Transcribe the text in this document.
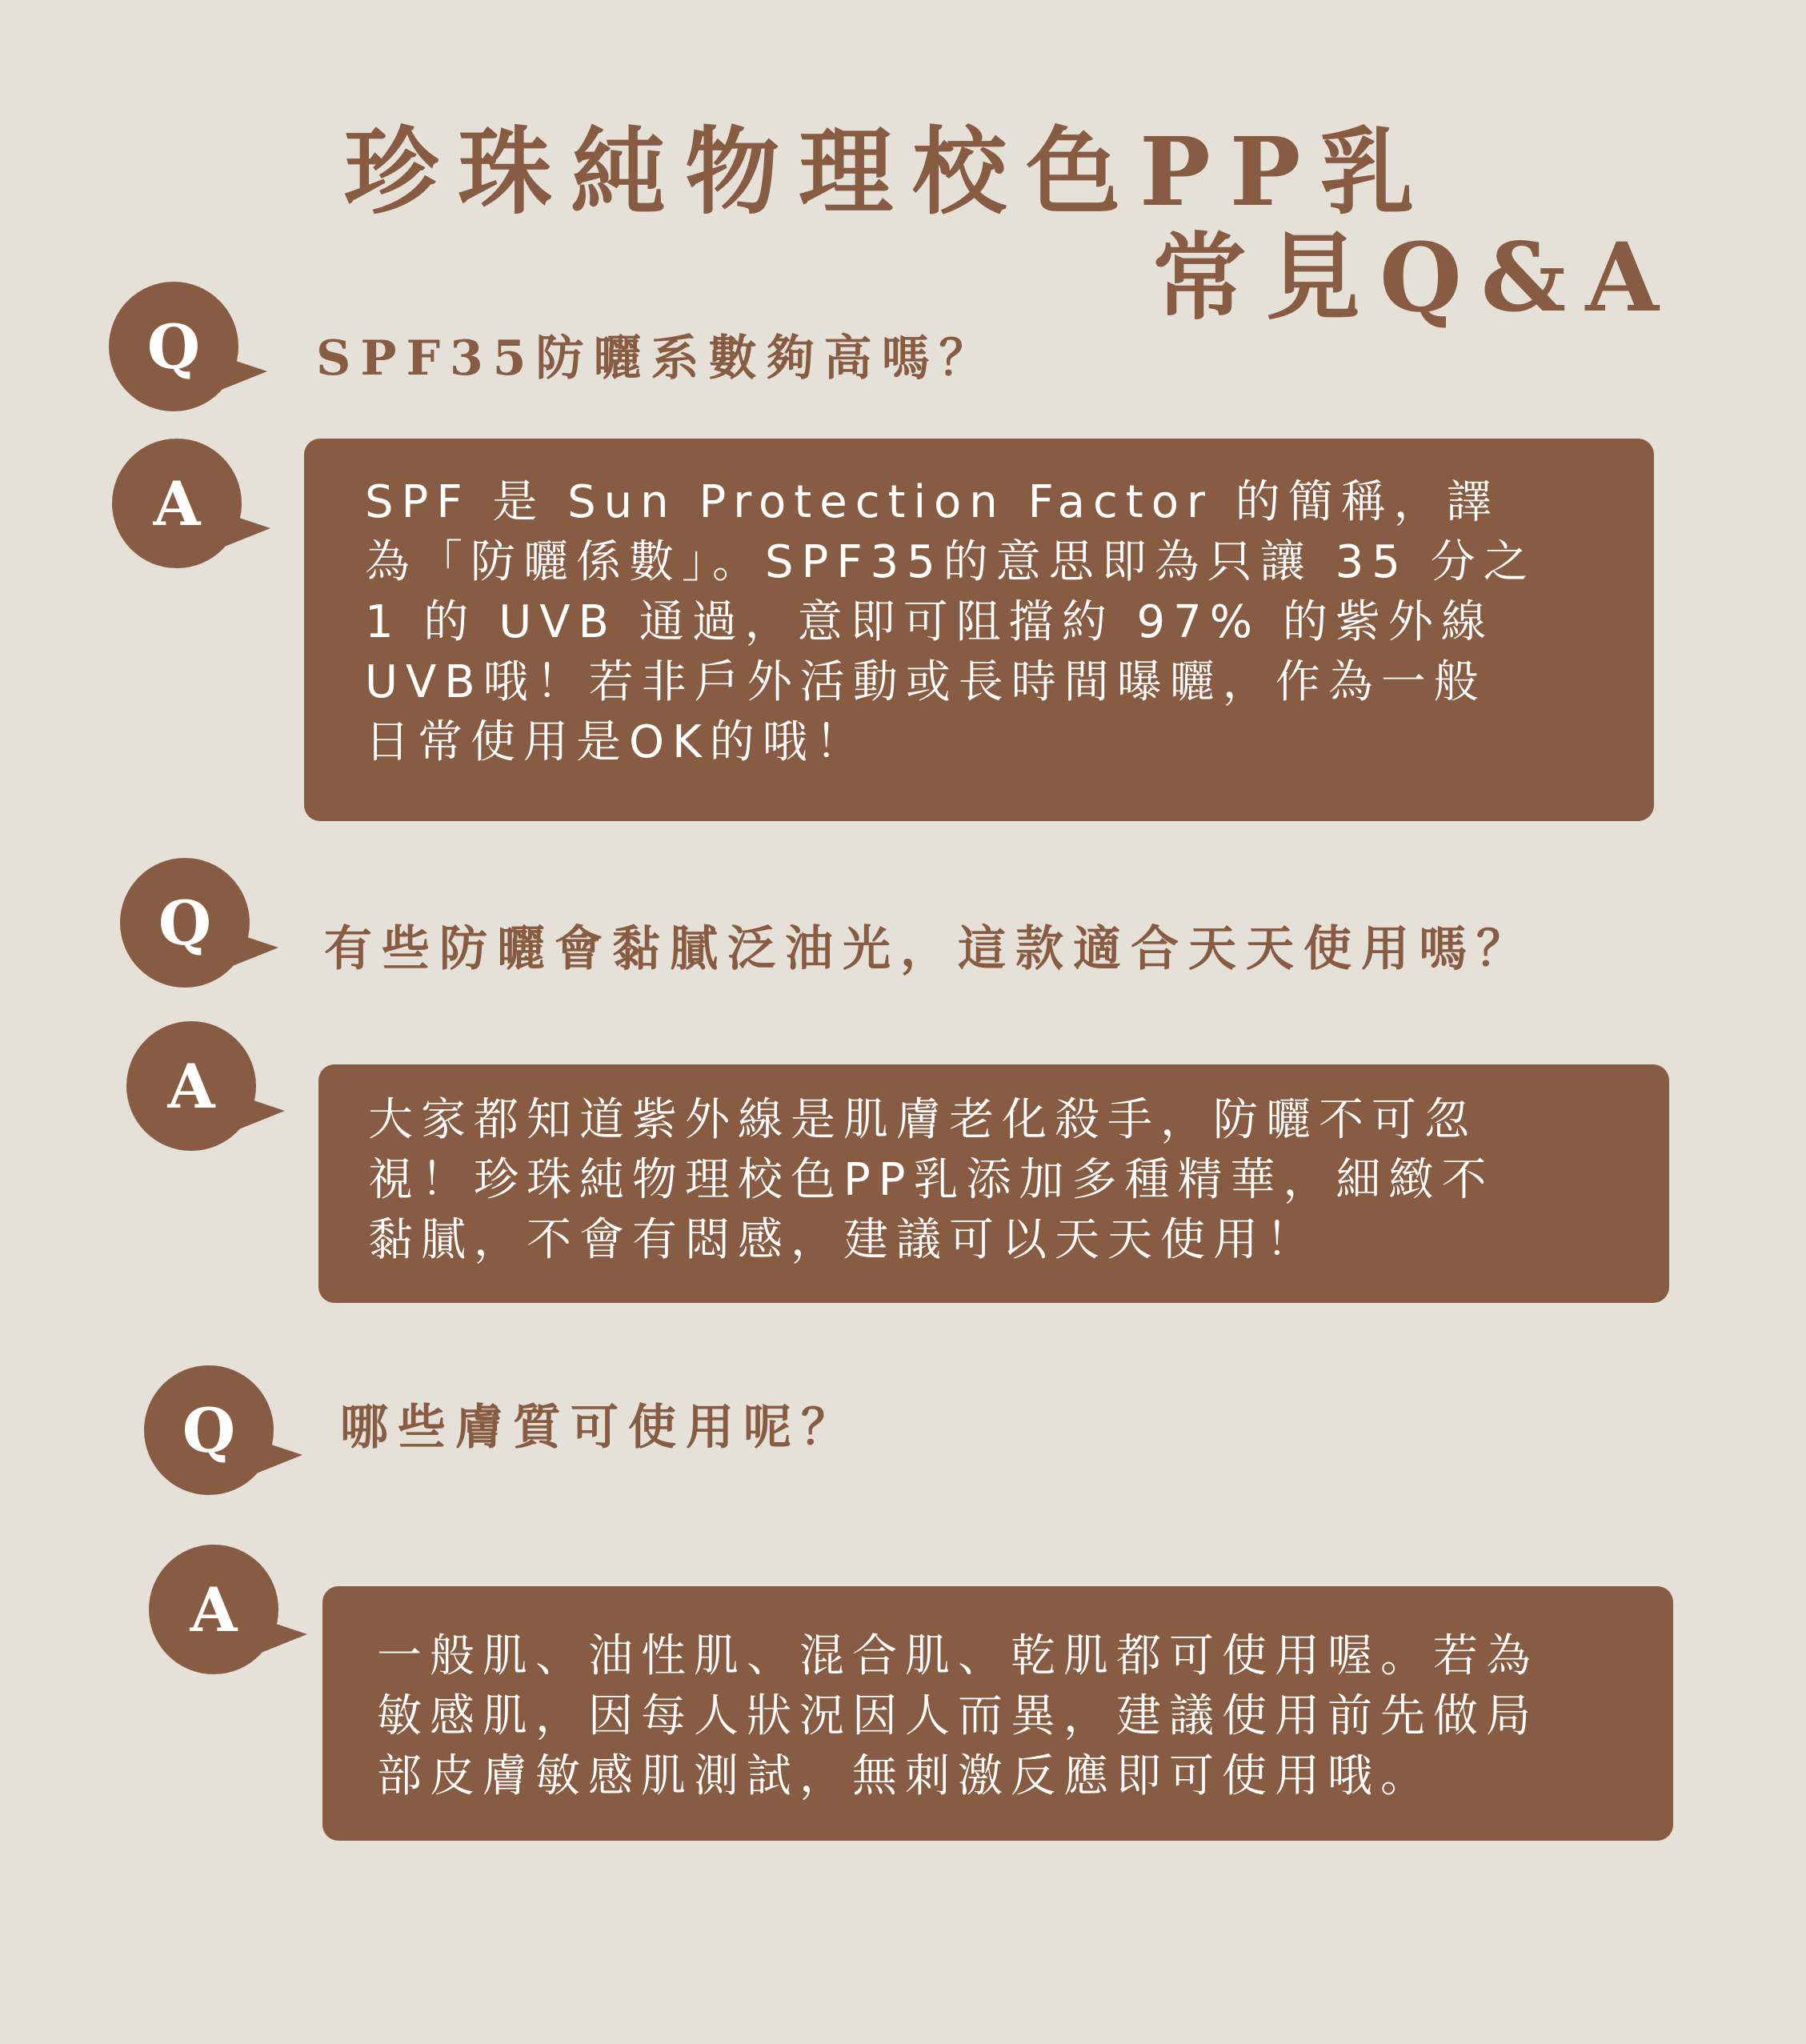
珍珠純物理校色PP乳
常見Q&A
Q	SPF35防曬系數夠高嗎？

A	SPF 是 Sun Protection Factor 的簡稱，譯
為「防曬係數」。SPF35的意思即為只讓 35 分之
1 的 UVB 通過，意即可阻擋約 97% 的紫外線
UVB哦！若非戶外活動或長時間曝曬，作為一般
日常使用是OK的哦！

Q	有些防曬會黏膩泛油光，這款適合天天使用嗎？

A	大家都知道紫外線是肌膚老化殺手，防曬不可忽
視！珍珠純物理校色PP乳添加多種精華，細緻不
黏膩，不會有悶感，建議可以天天使用！

Q	哪些膚質可使用呢？

A

一般肌、油性肌、混合肌、乾肌都可使用喔。若為
敏感肌，因每人狀況因人而異，建議使用前先做局
部皮膚敏感肌測試，無刺激反應即可使用哦。
